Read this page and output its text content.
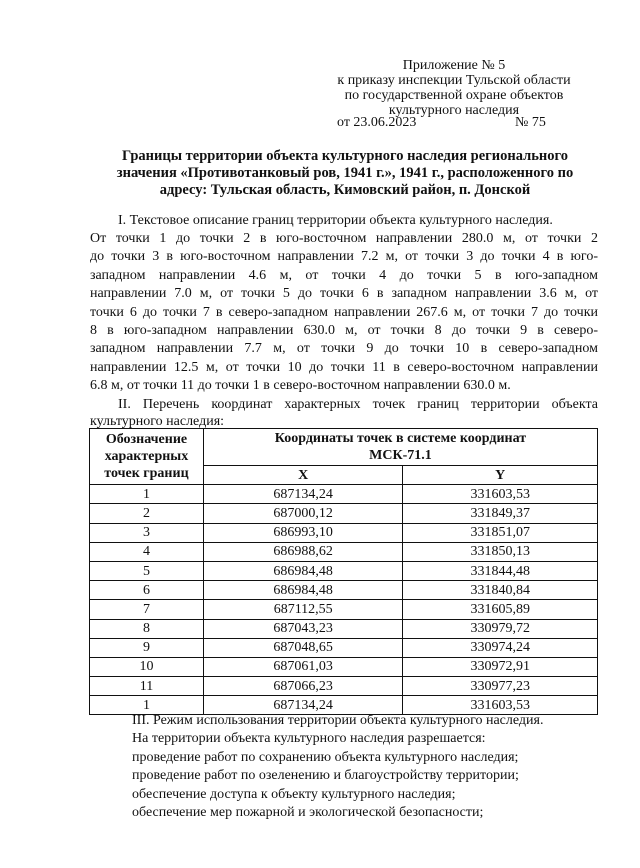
Приложение № 5
к приказу инспекции Тульской области
по государственной охране объектов
культурного наследия
от 23.06.2023	№ 75
Границы территории объекта культурного наследия регионального
значения «Противотанковый ров, 1941 г.», 1941 г., расположенного по
адресу: Тульская область, Кимовский район, п. Донской
I. Текстовое описание границ территории объекта культурного наследия.
От точки 1 до точки 2 в юго-восточном направлении 280.0 м, от точки 2
до точки 3 в юго-восточном направлении 7.2 м, от точки 3 до точки 4 в юго-
западном направлении 4.6 м, от точки 4 до точки 5 в юго-западном
направлении 7.0 м, от точки 5 до точки 6 в западном направлении 3.6 м, от
точки 6 до точки 7 в северо-западном направлении 267.6 м, от точки 7 до точки
8 в юго-западном направлении 630.0 м, от точки 8 до точки 9 в северо-
западном направлении 7.7 м, от точки 9 до точки 10 в северо-западном
направлении 12.5 м, от точки 10 до точки 11 в северо-восточном направлении
6.8 м, от точки 11 до точки 1 в северо-восточном направлении 630.0 м.
II. Перечень координат характерных точек границ территории объекта
культурного наследия:
Обозначение характерных точек границ	Координаты точек в системе координат МСК-71.1	
	X	Y
1	687134,24	331603,53
2	687000,12	331849,37
3	686993,10	331851,07
4	686988,62	331850,13
5	686984,48	331844,48
6	686984,48	331840,84
7	687112,55	331605,89
8	687043,23	330979,72
9	687048,65	330974,24
10	687061,03	330972,91
11	687066,23	330977,23
1	687134,24	331603,53
III. Режим использования территории объекта культурного наследия.
На территории объекта культурного наследия разрешается:
проведение работ по сохранению объекта культурного наследия;
проведение работ по озеленению и благоустройству территории;
обеспечение доступа к объекту культурного наследия;
обеспечение мер пожарной и экологической безопасности;
